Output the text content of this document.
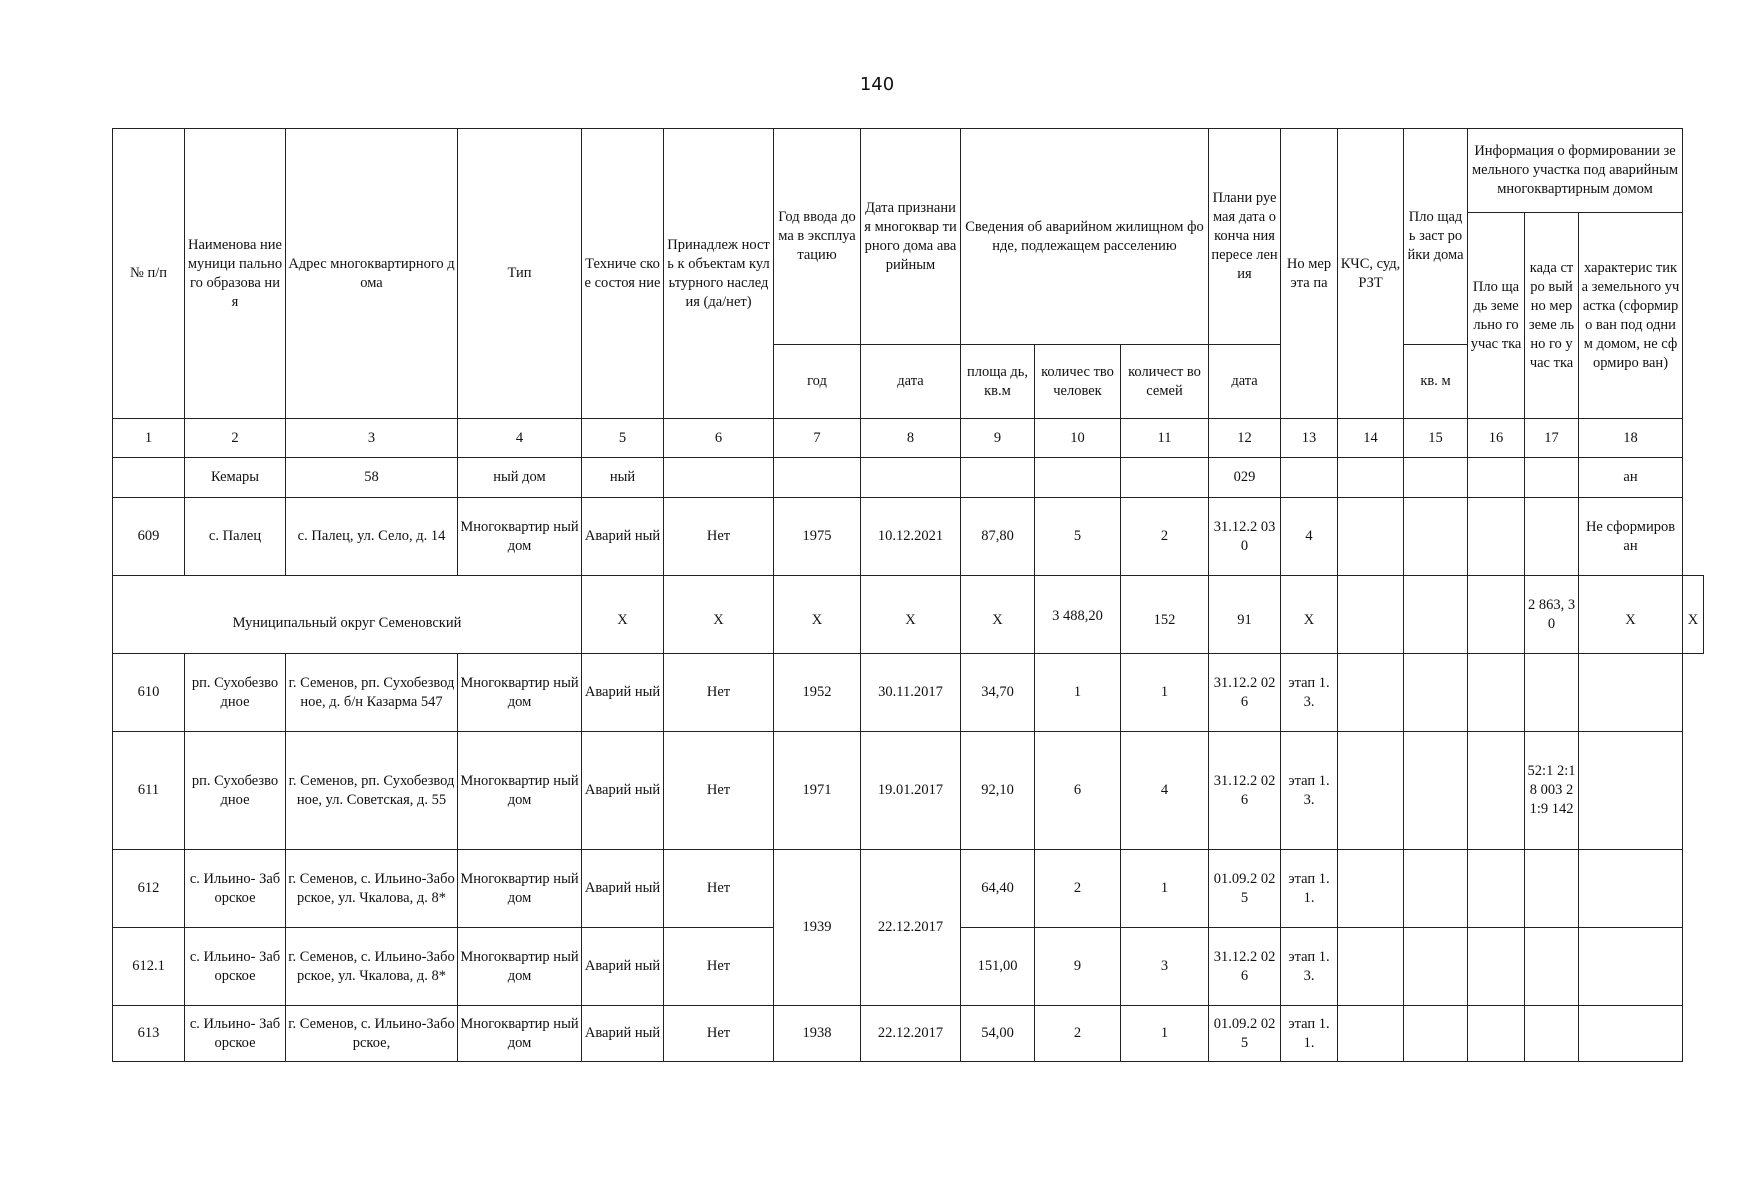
140
№ п/п	Наименова ние муници пального образова ния	Адрес многоквартирного дома	Тип	Техниче ское состоя ние	Принадлеж ность к объектам культурного наследия (да/нет)	Год ввода дома в эксплуа тацию	Дата признания многоквар тирного дома аварийным	Сведения об аварийном жилищном фонде, подлежащем расселению			Плани руемая дата оконча ния пересе ления	Но мер эта па	КЧС, суд, РЗТ	Пло щадь заст ройки дома	Информация о формировании земельного участка под аварийным многоквартирным домом			
															Пло щадь земе льно го учас тка	када стро вый но мер земе льно го учас тка	характерис тика земельного участка (сформиро ван под одним домом, не сформиро ван)	
						год	дата	площа дь, кв.м	количес тво человек	количест во семей	дата			кв. м				
1	2	3	4	5	6	7	8	9	10	11	12	13	14	15	16	17	18	
	Кемары	58	ный дом	ный							029						ан	
609	с. Палец	с. Палец, ул. Село, д. 14	Многоквартир ный дом	Аварий ный	Нет	1975	10.12.2021	87,80	5	2	31.12.2 030	4					Не сформиров ан	
Муниципальный округ Семеновский				X	X	X	X	X	3 488,20	152	91	X				2 863, 30	X	X
610	рп. Сухобезво дное	г. Семенов, рп. Сухобезводное, д. б/н Казарма 547	Многоквартир ный дом	Аварий ный	Нет	1952	30.11.2017	34,70	1	1	31.12.2 026	этап 1.3.						
611	рп. Сухобезво дное	г. Семенов, рп. Сухобезводное, ул. Советская, д. 55	Многоквартир ный дом	Аварий ный	Нет	1971	19.01.2017	92,10	6	4	31.12.2 026	этап 1.3.				52:1 2:18 003 21:9 142		
612	с. Ильино- Заборское	г. Семенов, с. Ильино-Заборское, ул. Чкалова, д. 8*	Многоквартир ный дом	Аварий ный	Нет	1939	22.12.2017	64,40	2	1	01.09.2 025	этап 1.1.						
612.1	с. Ильино- Заборское	г. Семенов, с. Ильино-Заборское, ул. Чкалова, д. 8*	Многоквартир ный дом	Аварий ный	Нет			151,00	9	3	31.12.2 026	этап 1.3.						
613	с. Ильино- Заборское	г. Семенов, с. Ильино-Заборское,	Многоквартир ный дом	Аварий ный	Нет	1938	22.12.2017	54,00	2	1	01.09.2 025	этап 1.1.						
